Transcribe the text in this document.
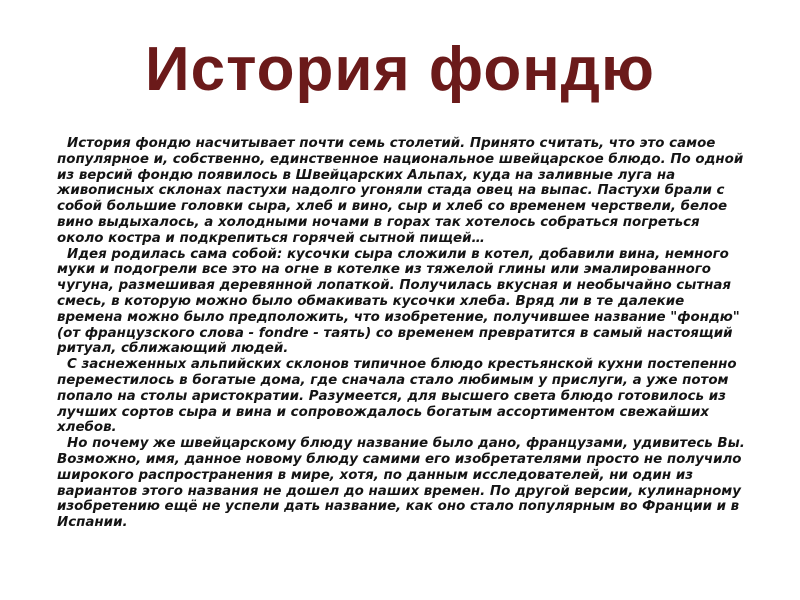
История фондю

История фондю насчитывает почти семь столетий. Принято считать, что это самое популярное и, собственно, единственное национальное швейцарское блюдо. По одной из версий фондю появилось в Швейцарских Альпах, куда на заливные луга на живописных склонах пастухи надолго угоняли стада овец на выпас. Пастухи брали с собой большие головки сыра, хлеб и вино, сыр и хлеб со временем черствели, белое вино выдыхалось, а холодными ночами в горах так хотелось собраться погреться около костра и подкрепиться горячей сытной пищей…

Идея родилась сама собой: кусочки сыра сложили в котел, добавили вина, немного муки и подогрели все это на огне в котелке из тяжелой глины или эмалированного чугуна, размешивая деревянной лопаткой. Получилась вкусная и необычайно сытная смесь, в которую можно было обмакивать кусочки хлеба. Вряд ли в те далекие времена можно было предположить, что изобретение, получившее название "фондю" (от французского слова - fondre - таять) со временем превратится в самый настоящий ритуал, сближающий людей.

С заснеженных альпийских склонов типичное блюдо крестьянской кухни постепенно переместилось в богатые дома, где сначала стало любимым у прислуги, а уже потом попало на столы аристократии. Разумеется, для высшего света блюдо готовилось из лучших сортов сыра и вина и сопровождалось богатым ассортиментом свежайших хлебов.

Но почему же швейцарскому блюду название было дано, французами, удивитесь Вы. Возможно, имя, данное новому блюду самими его изобретателями просто не получило широкого распространения в мире, хотя, по данным исследователей, ни один из вариантов этого названия не дошел до наших времен. По другой версии, кулинарному изобретению ещё не успели дать название, как оно стало популярным во Франции и в Испании.
